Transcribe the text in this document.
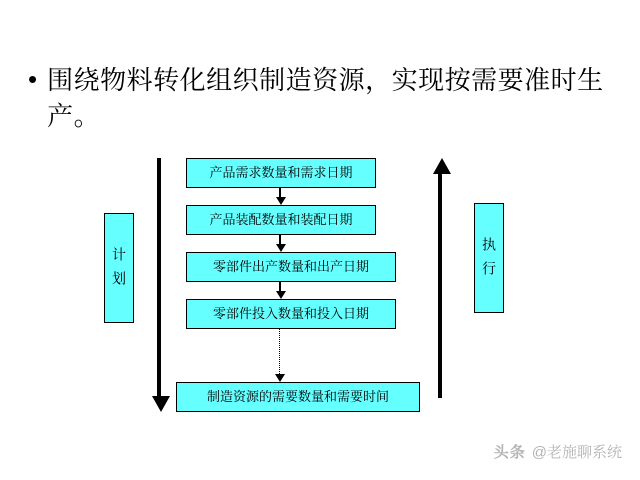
• 围绕物料转化组织制造资源，实现按需要准时生产。
计划	执行
产品需求数量和需求日期
产品装配数量和装配日期
零部件出产数量和出产日期
零部件投入数量和投入日期
制造资源的需要数量和需要时间
头条 @老施聊系统
